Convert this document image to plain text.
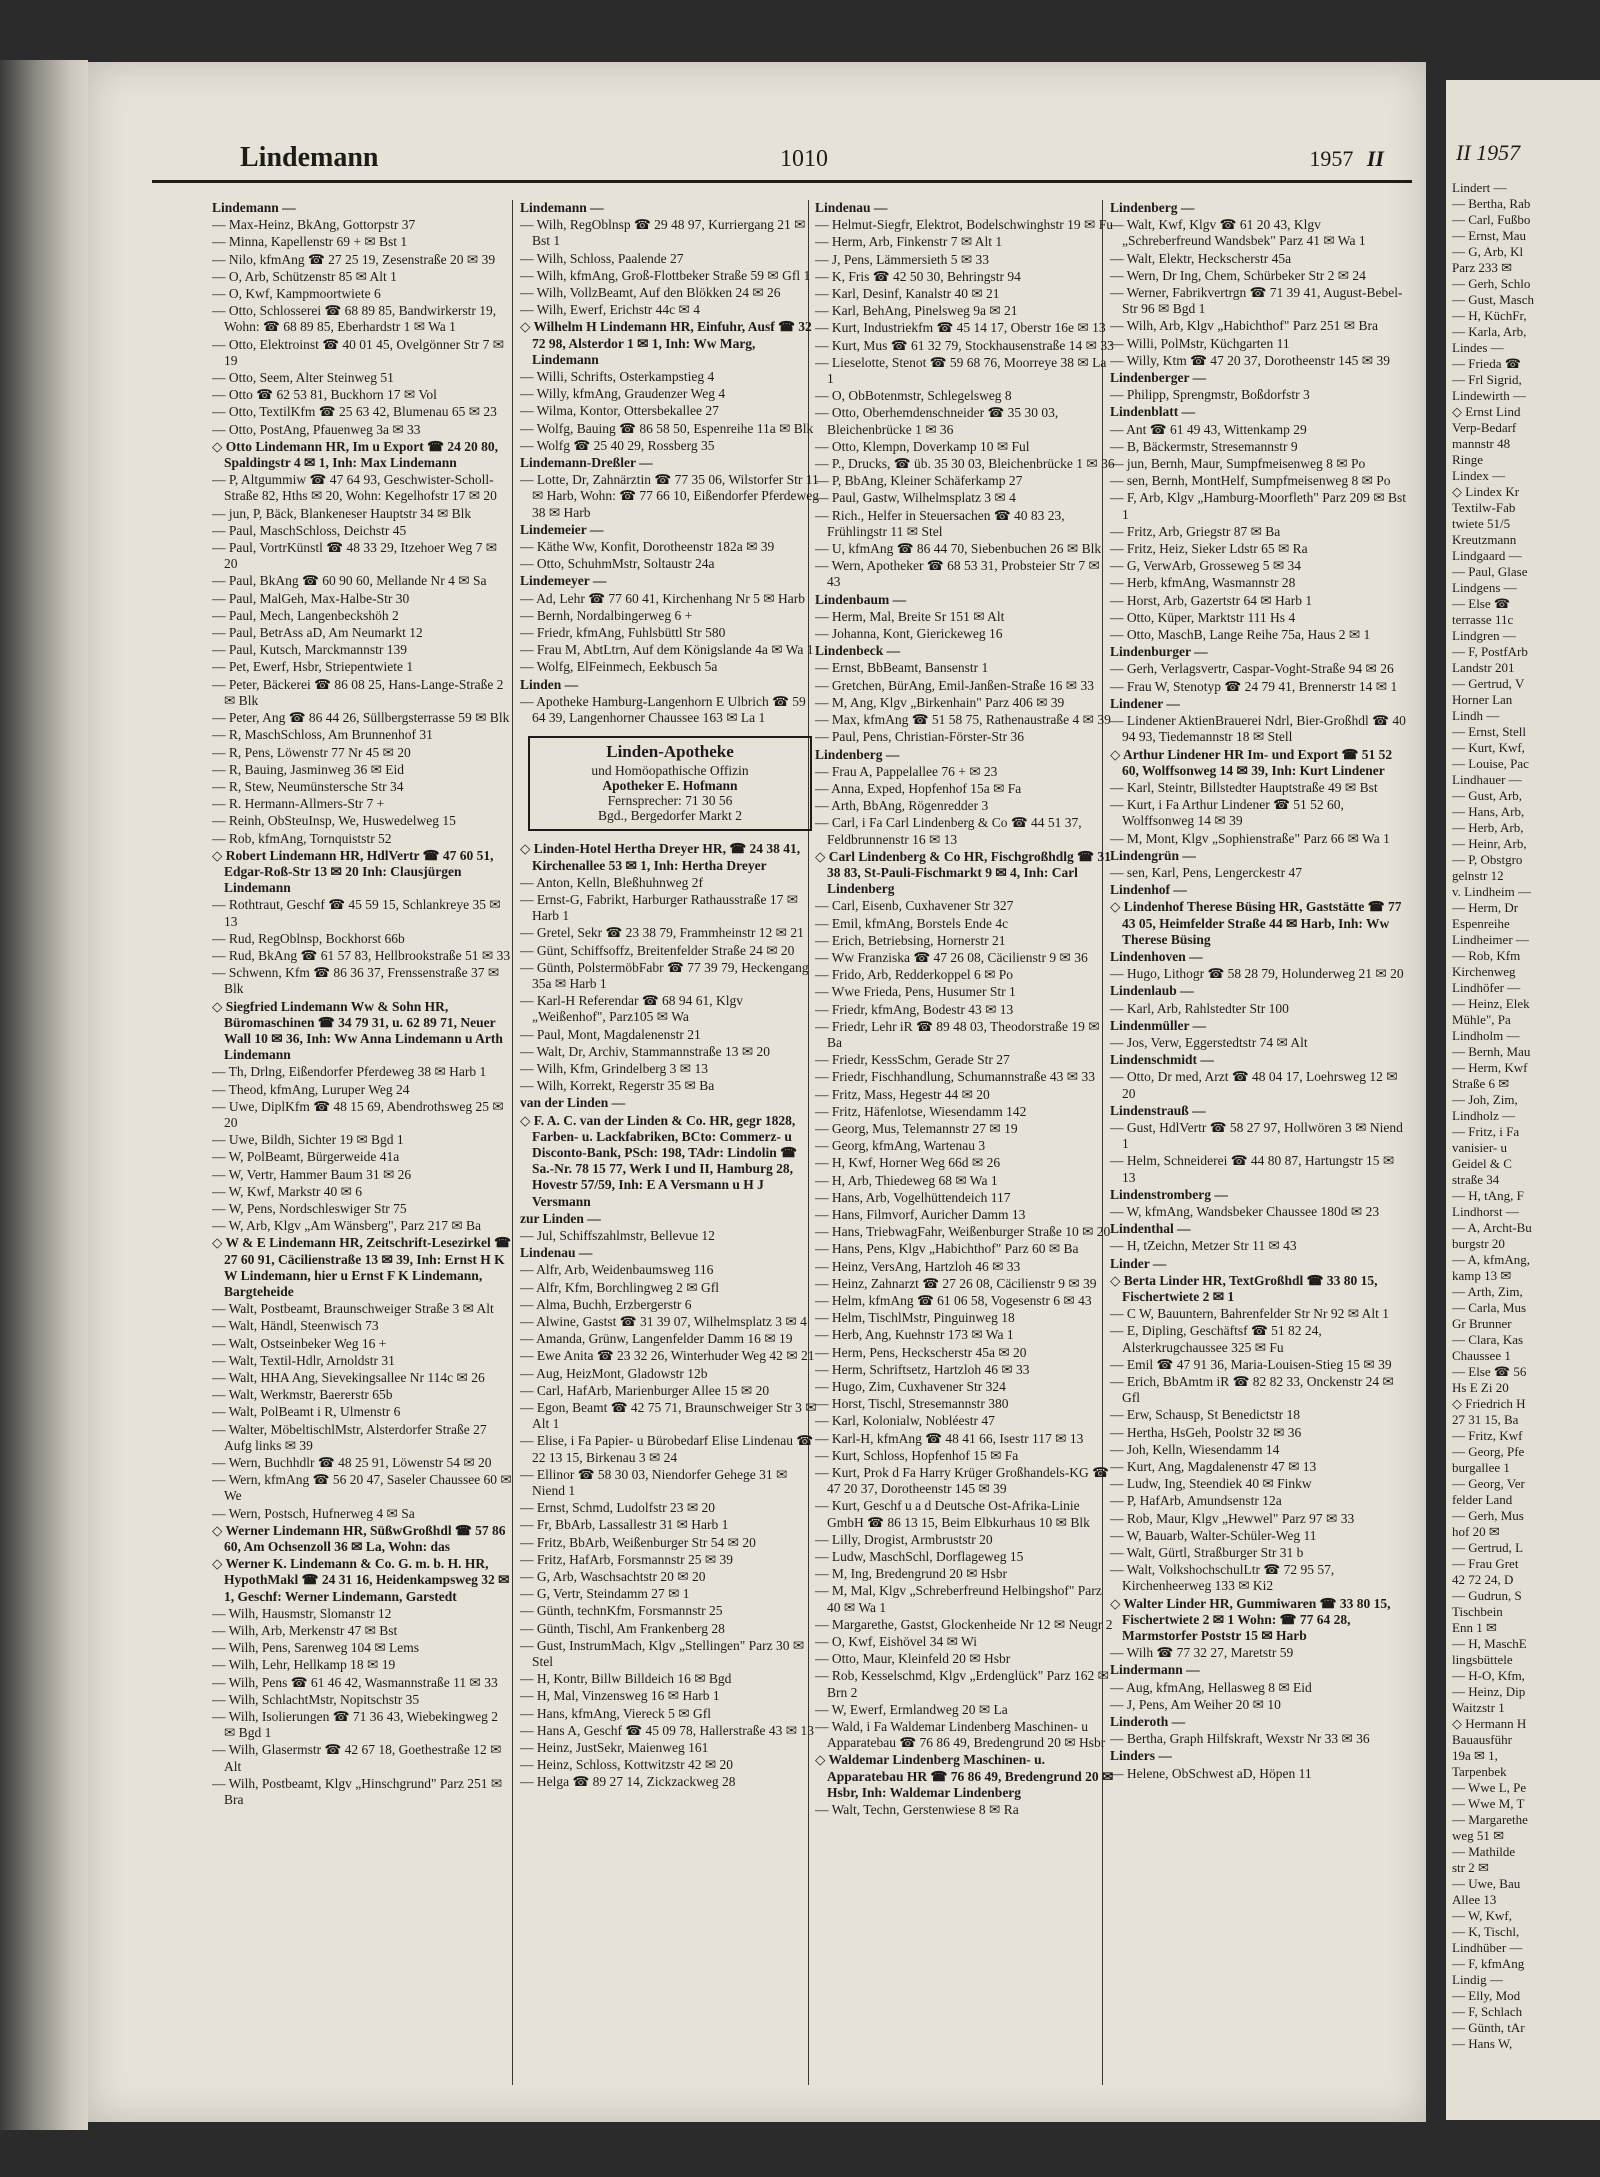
Lindemann	1010	1957 II
Lindemann —
— Max-Heinz, BkAng, Gottorpstr 37
— Minna, Kapellenstr 69 + ✉ Bst 1
— Nilo, kfmAng ☎ 27 25 19, Zesenstraße 20 ✉ 39
— O, Arb, Schützenstr 85 ✉ Alt 1
— O, Kwf, Kampmoortwiete 6
— Otto, Schlosserei ☎ 68 89 85, Bandwirkerstr 19, Wohn: ☎ 68 89 85, Eberhardstr 1 ✉ Wa 1
— Otto, Elektroinst ☎ 40 01 45, Ovelgönner Str 7 ✉ 19
— Otto, Seem, Alter Steinweg 51
— Otto ☎ 62 53 81, Buckhorn 17 ✉ Vol
— Otto, TextilKfm ☎ 25 63 42, Blumenau 65 ✉ 23
— Otto, PostAng, Pfauenweg 3a ✉ 33
◇ Otto Lindemann HR, Im u Export ☎ 24 20 80, Spaldingstr 4 ✉ 1, Inh: Max Lindemann
— P, Altgummiw ☎ 47 64 93, Geschwister-Scholl-Straße 82, Hths ✉ 20, Wohn: Kegelhofstr 17 ✉ 20
— jun, P, Bäck, Blankeneser Hauptstr 34 ✉ Blk
— Paul, MaschSchloss, Deichstr 45
— Paul, VortrKünstl ☎ 48 33 29, Itzehoer Weg 7 ✉ 20
— Paul, BkAng ☎ 60 90 60, Mellande Nr 4 ✉ Sa
— Paul, MalGeh, Max-Halbe-Str 30
— Paul, Mech, Langenbeckshöh 2
— Paul, BetrAss aD, Am Neumarkt 12
— Paul, Kutsch, Marckmannstr 139
— Pet, Ewerf, Hsbr, Striepentwiete 1
— Peter, Bäckerei ☎ 86 08 25, Hans-Lange-Straße 2 ✉ Blk
— Peter, Ang ☎ 86 44 26, Süllbergsterrasse 59 ✉ Blk
— R, MaschSchloss, Am Brunnenhof 31
— R, Pens, Löwenstr 77 Nr 45 ✉ 20
— R, Bauing, Jasminweg 36 ✉ Eid
— R, Stew, Neumünstersche Str 34
— R. Hermann-Allmers-Str 7 +
— Reinh, ObSteuInsp, We, Huswedelweg 15
— Rob, kfmAng, Tornquiststr 52
◇ Robert Lindemann HR, HdlVertr ☎ 47 60 51, Edgar-Roß-Str 13 ✉ 20 Inh: Clausjürgen Lindemann
— Rothtraut, Geschf ☎ 45 59 15, Schlankreye 35 ✉ 13
— Rud, RegOblnsp, Bockhorst 66b
— Rud, BkAng ☎ 61 57 83, Hellbrookstraße 51 ✉ 33
— Schwenn, Kfm ☎ 86 36 37, Frenssenstraße 37 ✉ Blk
◇ Siegfried Lindemann Ww & Sohn HR, Büromaschinen ☎ 34 79 31, u. 62 89 71, Neuer Wall 10 ✉ 36, Inh: Ww Anna Lindemann u Arth Lindemann
— Th, Drlng, Eißendorfer Pferdeweg 38 ✉ Harb 1
— Theod, kfmAng, Luruper Weg 24
— Uwe, DiplKfm ☎ 48 15 69, Abendrothsweg 25 ✉ 20
— Uwe, Bildh, Sichter 19 ✉ Bgd 1
— W, PolBeamt, Bürgerweide 41a
— W, Vertr, Hammer Baum 31 ✉ 26
— W, Kwf, Markstr 40 ✉ 6
— W, Pens, Nordschleswiger Str 75
— W, Arb, Klgv „Am Wänsberg", Parz 217 ✉ Ba
◇ W & E Lindemann HR, Zeitschrift-Lesezirkel ☎ 27 60 91, Cäcilienstraße 13 ✉ 39, Inh: Ernst H K W Lindemann, hier u Ernst F K Lindemann, Bargteheide
— Walt, Postbeamt, Braunschweiger Straße 3 ✉ Alt
— Walt, Händl, Steenwisch 73
— Walt, Ostseinbeker Weg 16 +
— Walt, Textil-Hdlr, Arnoldstr 31
— Walt, HHA Ang, Sievekingsallee Nr 114c ✉ 26
— Walt, Werkmstr, Baererstr 65b
— Walt, PolBeamt i R, Ulmenstr 6
— Walter, MöbeltischlMstr, Alsterdorfer Straße 27 Aufg links ✉ 39
— Wern, Buchhdlr ☎ 48 25 91, Löwenstr 54 ✉ 20
— Wern, kfmAng ☎ 56 20 47, Saseler Chaussee 60 ✉ We
— Wern, Postsch, Hufnerweg 4 ✉ Sa
◇ Werner Lindemann HR, SüßwGroßhdl ☎ 57 86 60, Am Ochsenzoll 36 ✉ La, Wohn: das
◇ Werner K. Lindemann & Co. G. m. b. H. HR, HypothMakl ☎ 24 31 16, Heidenkampsweg 32 ✉ 1, Geschf: Werner Lindemann, Garstedt
— Wilh, Hausmstr, Slomanstr 12
— Wilh, Arb, Merkenstr 47 ✉ Bst
— Wilh, Pens, Sarenweg 104 ✉ Lems
— Wilh, Lehr, Hellkamp 18 ✉ 19
— Wilh, Pens ☎ 61 46 42, Wasmannstraße 11 ✉ 33
— Wilh, SchlachtMstr, Nopitschstr 35
— Wilh, Isolierungen ☎ 71 36 43, Wiebekingweg 2 ✉ Bgd 1
— Wilh, Glasermstr ☎ 42 67 18, Goethestraße 12 ✉ Alt
— Wilh, Postbeamt, Klgv „Hinschgrund" Parz 251 ✉ Bra
Lindemann —
— Wilh, RegOblnsp ☎ 29 48 97, Kurriergang 21 ✉ Bst 1
— Wilh, Schloss, Paalende 27
— Wilh, kfmAng, Groß-Flottbeker Straße 59 ✉ Gfl 1
— Wilh, VollzBeamt, Auf den Blökken 24 ✉ 26
— Wilh, Ewerf, Erichstr 44c ✉ 4
◇ Wilhelm H Lindemann HR, Einfuhr, Ausf ☎ 32 72 98, Alsterdor 1 ✉ 1, Inh: Ww Marg, Lindemann
— Willi, Schrifts, Osterkampstieg 4
— Willy, kfmAng, Graudenzer Weg 4
— Wilma, Kontor, Ottersbekallee 27
— Wolfg, Bauing ☎ 86 58 50, Espenreihe 11a ✉ Blk
— Wolfg ☎ 25 40 29, Rossberg 35
Lindemann-Dreßler —
— Lotte, Dr, Zahnärztin ☎ 77 35 06, Wilstorfer Str 11 ✉ Harb, Wohn: ☎ 77 66 10, Eißendorfer Pferdeweg 38 ✉ Harb
Lindemeier —
— Käthe Ww, Konfit, Dorotheenstr 182a ✉ 39
— Otto, SchuhmMstr, Soltaustr 24a
Lindemeyer —
— Ad, Lehr ☎ 77 60 41, Kirchenhang Nr 5 ✉ Harb
— Bernh, Nordalbingerweg 6 +
— Friedr, kfmAng, Fuhlsbüttl Str 580
— Frau M, AbtLtrn, Auf dem Königslande 4a ✉ Wa 1
— Wolfg, ElFeinmech, Eekbusch 5a
Linden —
— Apotheke Hamburg-Langenhorn E Ulbrich ☎ 59 64 39, Langenhorner Chaussee 163 ✉ La 1
Linden-Apotheke
und Homöopathische Offizin
Apotheker E. Hofmann
Fernsprecher: 71 30 56
Bgd., Bergedorfer Markt 2
◇ Linden-Hotel Hertha Dreyer HR, ☎ 24 38 41, Kirchenallee 53 ✉ 1, Inh: Hertha Dreyer
— Anton, Kelln, Bleßhuhnweg 2f
— Ernst-G, Fabrikt, Harburger Rathausstraße 17 ✉ Harb 1
— Gretel, Sekr ☎ 23 38 79, Frammheinstr 12 ✉ 21
— Günt, Schiffsoffz, Breitenfelder Straße 24 ✉ 20
— Günth, PolstermöbFabr ☎ 77 39 79, Heckengang 35a ✉ Harb 1
— Karl-H Referendar ☎ 68 94 61, Klgv „Weißenhof", Parz105 ✉ Wa
— Paul, Mont, Magdalenenstr 21
— Walt, Dr, Archiv, Stammannstraße 13 ✉ 20
— Wilh, Kfm, Grindelberg 3 ✉ 13
— Wilh, Korrekt, Regerstr 35 ✉ Ba
van der Linden —
◇ F. A. C. van der Linden & Co. HR, gegr 1828, Farben- u. Lackfabriken, BCto: Commerz- u Disconto-Bank, PSch: 198, TAdr: Lindolin ☎ Sa.-Nr. 78 15 77, Werk I und II, Hamburg 28, Hovestr 57/59, Inh: E A Versmann u H J Versmann
zur Linden —
— Jul, Schiffszahlmstr, Bellevue 12
Lindenau —
— Alfr, Arb, Weidenbaumsweg 116
— Alfr, Kfm, Borchlingweg 2 ✉ Gfl
— Alma, Buchh, Erzbergerstr 6
— Alwine, Gastst ☎ 31 39 07, Wilhelmsplatz 3 ✉ 4
— Amanda, Grünw, Langenfelder Damm 16 ✉ 19
— Ewe Anita ☎ 23 32 26, Winterhuder Weg 42 ✉ 21
— Aug, HeizMont, Gladowstr 12b
— Carl, HafArb, Marienburger Allee 15 ✉ 20
— Egon, Beamt ☎ 42 75 71, Braunschweiger Str 3 ✉ Alt 1
— Elise, i Fa Papier- u Bürobedarf Elise Lindenau ☎ 22 13 15, Birkenau 3 ✉ 24
— Ellinor ☎ 58 30 03, Niendorfer Gehege 31 ✉ Niend 1
— Ernst, Schmd, Ludolfstr 23 ✉ 20
— Fr, BbArb, Lassallestr 31 ✉ Harb 1
— Fritz, BbArb, Weißenburger Str 54 ✉ 20
— Fritz, HafArb, Forsmannstr 25 ✉ 39
— G, Arb, Waschsachtstr 20 ✉ 20
— G, Vertr, Steindamm 27 ✉ 1
— Günth, technKfm, Forsmannstr 25
— Günth, Tischl, Am Frankenberg 28
— Gust, InstrumMach, Klgv „Stellingen" Parz 30 ✉ Stel
— H, Kontr, Billw Billdeich 16 ✉ Bgd
— H, Mal, Vinzensweg 16 ✉ Harb 1
— Hans, kfmAng, Viereck 5 ✉ Gfl
— Hans A, Geschf ☎ 45 09 78, Hallerstraße 43 ✉ 13
— Heinz, JustSekr, Maienweg 161
— Heinz, Schloss, Kottwitzstr 42 ✉ 20
— Helga ☎ 89 27 14, Zickzackweg 28
Lindenau —
— Helmut-Siegfr, Elektrot, Bodelschwinghstr 19 ✉ Fu
— Herm, Arb, Finkenstr 7 ✉ Alt 1
— J, Pens, Lämmersieth 5 ✉ 33
— K, Fris ☎ 42 50 30, Behringstr 94
— Karl, Desinf, Kanalstr 40 ✉ 21
— Karl, BehAng, Pinelsweg 9a ✉ 21
— Kurt, Industriekfm ☎ 45 14 17, Oberstr 16e ✉ 13
— Kurt, Mus ☎ 61 32 79, Stockhausenstraße 14 ✉ 33
— Lieselotte, Stenot ☎ 59 68 76, Moorreye 38 ✉ La 1
— O, ObBotenmstr, Schlegelsweg 8
— Otto, Oberhemdenschneider ☎ 35 30 03, Bleichenbrücke 1 ✉ 36
— Otto, Klempn, Doverkamp 10 ✉ Ful
— P., Drucks, ☎ üb. 35 30 03, Bleichenbrücke 1 ✉ 36
— P, BbAng, Kleiner Schäferkamp 27
— Paul, Gastw, Wilhelmsplatz 3 ✉ 4
— Rich., Helfer in Steuersachen ☎ 40 83 23, Frühlingstr 11 ✉ Stel
— U, kfmAng ☎ 86 44 70, Siebenbuchen 26 ✉ Blk
— Wern, Apotheker ☎ 68 53 31, Probsteier Str 7 ✉ 43
Lindenbaum —
— Herm, Mal, Breite Sr 151 ✉ Alt
— Johanna, Kont, Gierickeweg 16
Lindenbeck —
— Ernst, BbBeamt, Bansenstr 1
— Gretchen, BürAng, Emil-Janßen-Straße 16 ✉ 33
— M, Ang, Klgv „Birkenhain" Parz 406 ✉ 39
— Max, kfmAng ☎ 51 58 75, Rathenaustraße 4 ✉ 39
— Paul, Pens, Christian-Förster-Str 36
Lindenberg —
— Frau A, Pappelallee 76 + ✉ 23
— Anna, Exped, Hopfenhof 15a ✉ Fa
— Arth, BbAng, Rögenredder 3
— Carl, i Fa Carl Lindenberg & Co ☎ 44 51 37, Feldbrunnenstr 16 ✉ 13
◇ Carl Lindenberg & Co HR, Fischgroßhdlg ☎ 31 38 83, St-Pauli-Fischmarkt 9 ✉ 4, Inh: Carl Lindenberg
— Carl, Eisenb, Cuxhavener Str 327
— Emil, kfmAng, Borstels Ende 4c
— Erich, Betriebsing, Hornerstr 21
— Ww Franziska ☎ 47 26 08, Cäcilienstr 9 ✉ 36
— Frido, Arb, Redderkoppel 6 ✉ Po
— Wwe Frieda, Pens, Husumer Str 1
— Friedr, kfmAng, Bodestr 43 ✉ 13
— Friedr, Lehr iR ☎ 89 48 03, Theodorstraße 19 ✉ Ba
— Friedr, KessSchm, Gerade Str 27
— Friedr, Fischhandlung, Schumannstraße 43 ✉ 33
— Fritz, Mass, Hegestr 44 ✉ 20
— Fritz, Häfenlotse, Wiesendamm 142
— Georg, Mus, Telemannstr 27 ✉ 19
— Georg, kfmAng, Wartenau 3
— H, Kwf, Horner Weg 66d ✉ 26
— H, Arb, Thiedeweg 68 ✉ Wa 1
— Hans, Arb, Vogelhüttendeich 117
— Hans, Filmvorf, Auricher Damm 13
— Hans, TriebwagFahr, Weißenburger Straße 10 ✉ 20
— Hans, Pens, Klgv „Habichthof" Parz 60 ✉ Ba
— Heinz, VersAng, Hartzloh 46 ✉ 33
— Heinz, Zahnarzt ☎ 27 26 08, Cäcilienstr 9 ✉ 39
— Helm, kfmAng ☎ 61 06 58, Vogesenstr 6 ✉ 43
— Helm, TischlMstr, Pinguinweg 18
— Herb, Ang, Kuehnstr 173 ✉ Wa 1
— Herm, Pens, Heckscherstr 45a ✉ 20
— Herm, Schriftsetz, Hartzloh 46 ✉ 33
— Hugo, Zim, Cuxhavener Str 324
— Horst, Tischl, Stresemannstr 380
— Karl, Kolonialw, Nobléestr 47
— Karl-H, kfmAng ☎ 48 41 66, Isestr 117 ✉ 13
— Kurt, Schloss, Hopfenhof 15 ✉ Fa
— Kurt, Prok d Fa Harry Krüger Großhandels-KG ☎ 47 20 37, Dorotheenstr 145 ✉ 39
— Kurt, Geschf u a d Deutsche Ost-Afrika-Linie GmbH ☎ 86 13 15, Beim Elbkurhaus 10 ✉ Blk
— Lilly, Drogist, Armbruststr 20
— Ludw, MaschSchl, Dorflageweg 15
— M, Ing, Bredengrund 20 ✉ Hsbr
— M, Mal, Klgv „Schreberfreund Helbingshof" Parz 40 ✉ Wa 1
— Margarethe, Gastst, Glockenheide Nr 12 ✉ Neugr 2
— O, Kwf, Eishövel 34 ✉ Wi
— Otto, Maur, Kleinfeld 20 ✉ Hsbr
— Rob, Kesselschmd, Klgv „Erdenglück" Parz 162 ✉ Brn 2
— W, Ewerf, Ermlandweg 20 ✉ La
— Wald, i Fa Waldemar Lindenberg Maschinen- u Apparatebau ☎ 76 86 49, Bredengrund 20 ✉ Hsbr
◇ Waldemar Lindenberg Maschinen- u. Apparatebau HR ☎ 76 86 49, Bredengrund 20 ✉ Hsbr, Inh: Waldemar Lindenberg
— Walt, Techn, Gerstenwiese 8 ✉ Ra
Lindenberg —
— Walt, Kwf, Klgv ☎ 61 20 43, Klgv „Schreberfreund Wandsbek" Parz 41 ✉ Wa 1
— Walt, Elektr, Heckscherstr 45a
— Wern, Dr Ing, Chem, Schürbeker Str 2 ✉ 24
— Werner, Fabrikvertrgn ☎ 71 39 41, August-Bebel-Str 96 ✉ Bgd 1
— Wilh, Arb, Klgv „Habichthof" Parz 251 ✉ Bra
— Willi, PolMstr, Küchgarten 11
— Willy, Ktm ☎ 47 20 37, Dorotheenstr 145 ✉ 39
Lindenberger —
— Philipp, Sprengmstr, Boßdorfstr 3
Lindenblatt —
— Ant ☎ 61 49 43, Wittenkamp 29
— B, Bäckermstr, Stresemannstr 9
— jun, Bernh, Maur, Sumpfmeisenweg 8 ✉ Po
— sen, Bernh, MontHelf, Sumpfmeisenweg 8 ✉ Po
— F, Arb, Klgv „Hamburg-Moorfleth" Parz 209 ✉ Bst 1
— Fritz, Arb, Griegstr 87 ✉ Ba
— Fritz, Heiz, Sieker Ldstr 65 ✉ Ra
— G, VerwArb, Grosseweg 5 ✉ 34
— Herb, kfmAng, Wasmannstr 28
— Horst, Arb, Gazertstr 64 ✉ Harb 1
— Otto, Küper, Marktstr 111 Hs 4
— Otto, MaschB, Lange Reihe 75a, Haus 2 ✉ 1
Lindenburger —
— Gerh, Verlagsvertr, Caspar-Voght-Straße 94 ✉ 26
— Frau W, Stenotyp ☎ 24 79 41, Brennerstr 14 ✉ 1
Lindener —
— Lindener AktienBrauerei Ndrl, Bier-Großhdl ☎ 40 94 93, Tiedemannstr 18 ✉ Stell
◇ Arthur Lindener HR Im- und Export ☎ 51 52 60, Wolffsonweg 14 ✉ 39, Inh: Kurt Lindener
— Karl, Steintr, Billstedter Hauptstraße 49 ✉ Bst
— Kurt, i Fa Arthur Lindener ☎ 51 52 60, Wolffsonweg 14 ✉ 39
— M, Mont, Klgv „Sophienstraße" Parz 66 ✉ Wa 1
Lindengrün —
— sen, Karl, Pens, Lengerckestr 47
Lindenhof —
◇ Lindenhof Therese Büsing HR, Gaststätte ☎ 77 43 05, Heimfelder Straße 44 ✉ Harb, Inh: Ww Therese Büsing
Lindenhoven —
— Hugo, Lithogr ☎ 58 28 79, Holunderweg 21 ✉ 20
Lindenlaub —
— Karl, Arb, Rahlstedter Str 100
Lindenmüller —
— Jos, Verw, Eggerstedtstr 74 ✉ Alt
Lindenschmidt —
— Otto, Dr med, Arzt ☎ 48 04 17, Loehrsweg 12 ✉ 20
Lindenstrauß —
— Gust, HdlVertr ☎ 58 27 97, Hollwören 3 ✉ Niend 1
— Helm, Schneiderei ☎ 44 80 87, Hartungstr 15 ✉ 13
Lindenstromberg —
— W, kfmAng, Wandsbeker Chaussee 180d ✉ 23
Lindenthal —
— H, tZeichn, Metzer Str 11 ✉ 43
Linder —
◇ Berta Linder HR, TextGroßhdl ☎ 33 80 15, Fischertwiete 2 ✉ 1
— C W, Bauuntern, Bahrenfelder Str Nr 92 ✉ Alt 1
— E, Dipling, Geschäftsf ☎ 51 82 24, Alsterkrugchaussee 325 ✉ Fu
— Emil ☎ 47 91 36, Maria-Louisen-Stieg 15 ✉ 39
— Erich, BbAmtm iR ☎ 82 82 33, Onckenstr 24 ✉ Gfl
— Erw, Schausp, St Benedictstr 18
— Hertha, HsGeh, Poolstr 32 ✉ 36
— Joh, Kelln, Wiesendamm 14
— Kurt, Ang, Magdalenenstr 47 ✉ 13
— Ludw, Ing, Steendiek 40 ✉ Finkw
— P, HafArb, Amundsenstr 12a
— Rob, Maur, Klgv „Hewwel" Parz 97 ✉ 33
— W, Bauarb, Walter-Schüler-Weg 11
— Walt, Gürtl, Straßburger Str 31 b
— Walt, VolkshochschulLtr ☎ 72 95 57, Kirchenheerweg 133 ✉ Ki2
◇ Walter Linder HR, Gummiwaren ☎ 33 80 15, Fischertwiete 2 ✉ 1 Wohn: ☎ 77 64 28, Marmstorfer Poststr 15 ✉ Harb
— Wilh ☎ 77 32 27, Maretstr 59
Lindermann —
— Aug, kfmAng, Hellasweg 8 ✉ Eid
— J, Pens, Am Weiher 20 ✉ 10
Linderoth —
— Bertha, Graph Hilfskraft, Wexstr Nr 33 ✉ 36
Linders —
— Helene, ObSchwest aD, Höpen 11
II 1957
Lindert —
— Bertha, Rab
— Carl, Fußbo
— Ernst, Mau
— G, Arb, Kl
Parz 233 ✉
— Gerh, Schlo
— Gust, Masch
— H, KüchFr,
— Karla, Arb,
Lindes —
— Frieda ☎
— Frl Sigrid,
Lindewirth —
◇ Ernst Lind
Verp-Bedarf
mannstr 48
Ringe
Lindex —
◇ Lindex Kr
Textilw-Fab
twiete 51/5
Kreutzmann
Lindgaard —
— Paul, Glase
Lindgens —
— Else ☎
terrasse 11c
Lindgren —
— F, PostfArb
Landstr 201
— Gertrud, V
Horner Lan
Lindh —
— Ernst, Stell
— Kurt, Kwf,
— Louise, Pac
Lindhauer —
— Gust, Arb,
— Hans, Arb,
— Herb, Arb,
— Heinr, Arb,
— P, Obstgro
gelnstr 12
v. Lindheim —
— Herm, Dr
Espenreihe
Lindheimer —
— Rob, Kfm
Kirchenweg
Lindhöfer —
— Heinz, Elek
Mühle", Pa
Lindholm —
— Bernh, Mau
— Herm, Kwf
Straße 6 ✉
— Joh, Zim,
Lindholz —
— Fritz, i Fa
vanisier- u
Geidel & C
straße 34
— H, tAng, F
Lindhorst —
— A, Archt-Bu
burgstr 20
— A, kfmAng,
kamp 13 ✉
— Arth, Zim,
— Carla, Mus
Gr Brunner
— Clara, Kas
Chaussee 1
— Else ☎ 56
Hs E Zi 20
◇ Friedrich H
27 31 15, Ba
— Fritz, Kwf
— Georg, Pfe
burgallee 1
— Georg, Ver
felder Land
— Gerh, Mus
hof 20 ✉
— Gertrud, L
— Frau Gret
42 72 24, D
— Gudrun, S
Tischbein
Enn 1 ✉
— H, MaschE
lingsbüttele
— H-O, Kfm,
— Heinz, Dip
Waitzstr 1
◇ Hermann H
Bauausführ
19a ✉ 1,
Tarpenbek
— Wwe L, Pe
— Wwe M, T
— Margarethe
weg 51 ✉
— Mathilde
str 2 ✉
— Uwe, Bau
Allee 13
— W, Kwf,
— K, Tischl,
Lindhüber —
— F, kfmAng
Lindig —
— Elly, Mod
— F, Schlach
— Günth, tAr
— Hans W,
